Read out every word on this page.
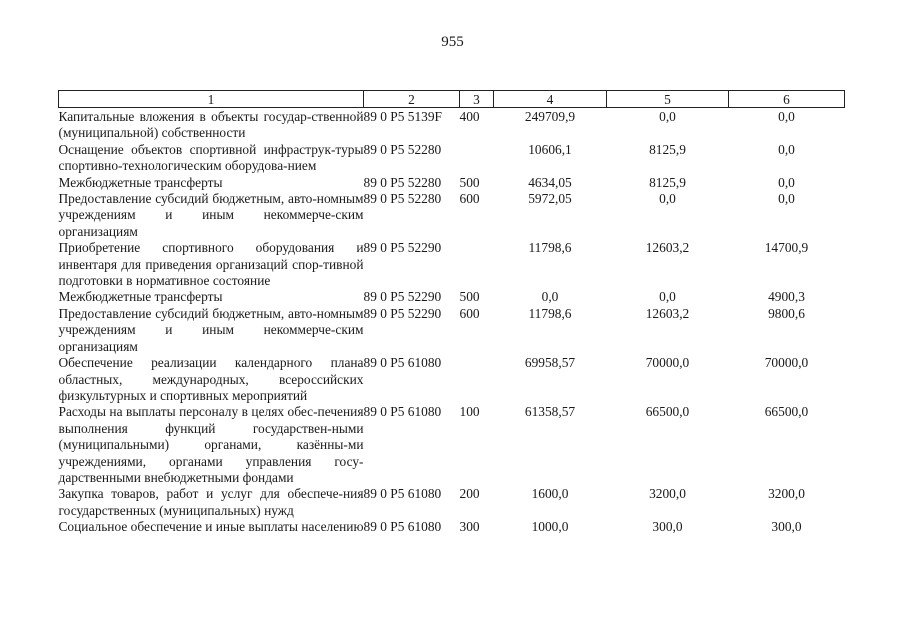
955
1	2	3	4	5	6
Капитальные вложения в объекты государ-ственной (муниципальной) собственности	89 0 P5 5139F	400	249709,9	0,0	0,0
Оснащение объектов спортивной инфраструк-туры спортивно-технологическим оборудова-нием	89 0 P5 52280		10606,1	8125,9	0,0
Межбюджетные трансферты	89 0 P5 52280	500	4634,05	8125,9	0,0
Предоставление субсидий бюджетным, авто-номным учреждениям и иным некоммерче-ским организациям	89 0 P5 52280	600	5972,05	0,0	0,0
Приобретение спортивного оборудования и инвентаря для приведения организаций спор-тивной подготовки в нормативное состояние	89 0 P5 52290		11798,6	12603,2	14700,9
Межбюджетные трансферты	89 0 P5 52290	500	0,0	0,0	4900,3
Предоставление субсидий бюджетным, авто-номным учреждениям и иным некоммерче-ским организациям	89 0 P5 52290	600	11798,6	12603,2	9800,6
Обеспечение реализации календарного плана областных, международных, всероссийских физкультурных и спортивных мероприятий	89 0 P5 61080		69958,57	70000,0	70000,0
Расходы на выплаты персоналу в целях обес-печения выполнения функций государствен-ными (муниципальными) органами, казённы-ми учреждениями, органами управления госу-дарственными внебюджетными фондами	89 0 P5 61080	100	61358,57	66500,0	66500,0
Закупка товаров, работ и услуг для обеспече-ния государственных (муниципальных) нужд	89 0 P5 61080	200	1600,0	3200,0	3200,0
Социальное обеспечение и иные выплаты населению	89 0 P5 61080	300	1000,0	300,0	300,0
